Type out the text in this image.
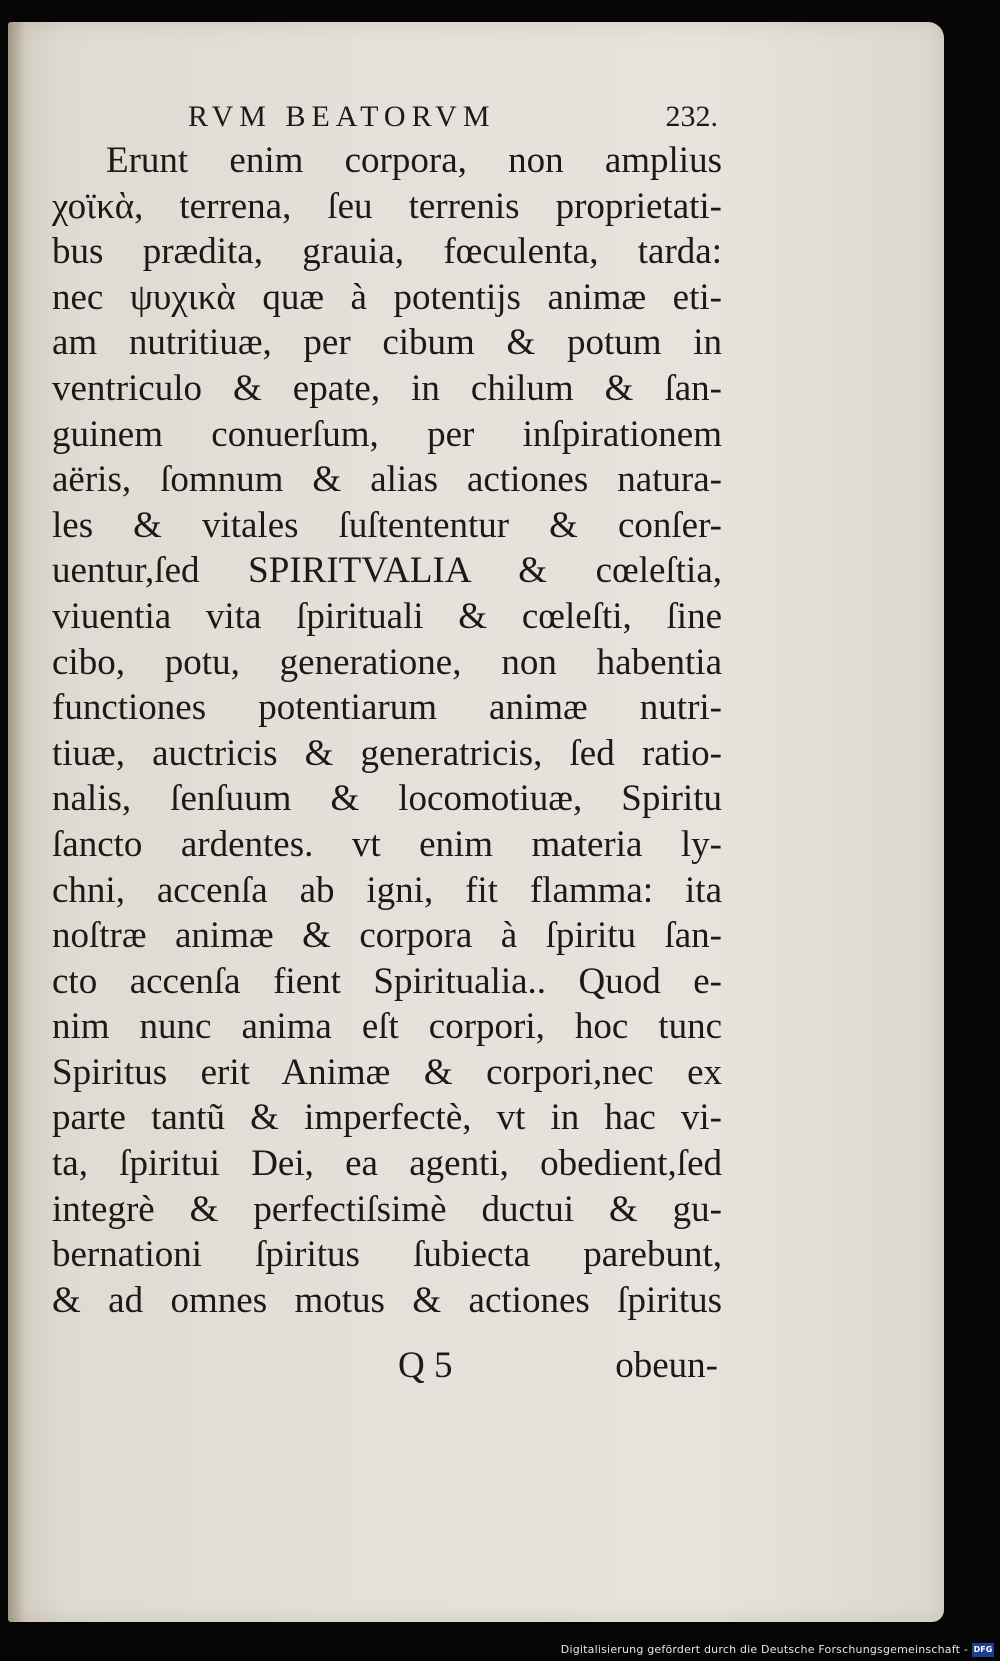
RVM BEATORVM	232.
Erunt enim corpora, non amplius
χοϊκὰ, terrena, ſeu terrenis proprietati-
bus prædita, grauia, fœculenta, tarda:
nec ψυχικὰ quæ à potentijs animæ eti-
am nutritiuæ, per cibum & potum in
ventriculo & epate, in chilum & ſan-
guinem conuerſum, per inſpirationem
aëris, ſomnum & alias actiones natura-
les & vitales ſuſtententur & conſer-
uentur,ſed SPIRITVALIA & cœleſtia,
viuentia vita ſpirituali & cœleſti, ſine
cibo, potu, generatione, non habentia
functiones potentiarum animæ nutri-
tiuæ, auctricis & generatricis, ſed ratio-
nalis, ſenſuum & locomotiuæ, Spiritu
ſancto ardentes. vt enim materia ly-
chni, accenſa ab igni, fit flamma: ita
noſtræ animæ & corpora à ſpiritu ſan-
cto accenſa fient Spiritualia.. Quod e-
nim nunc anima eſt corpori, hoc tunc
Spiritus erit Animæ & corpori,nec ex
parte tantũ & imperfectè, vt in hac vi-
ta, ſpiritui Dei, ea agenti, obedient,ſed
integrè & perfectiſsimè ductui & gu-
bernationi ſpiritus ſubiecta parebunt,
& ad omnes motus & actiones ſpiritus
Q 5	obeun-
Digitalisierung gefördert durch die Deutsche Forschungsgemeinschaft - DFG
